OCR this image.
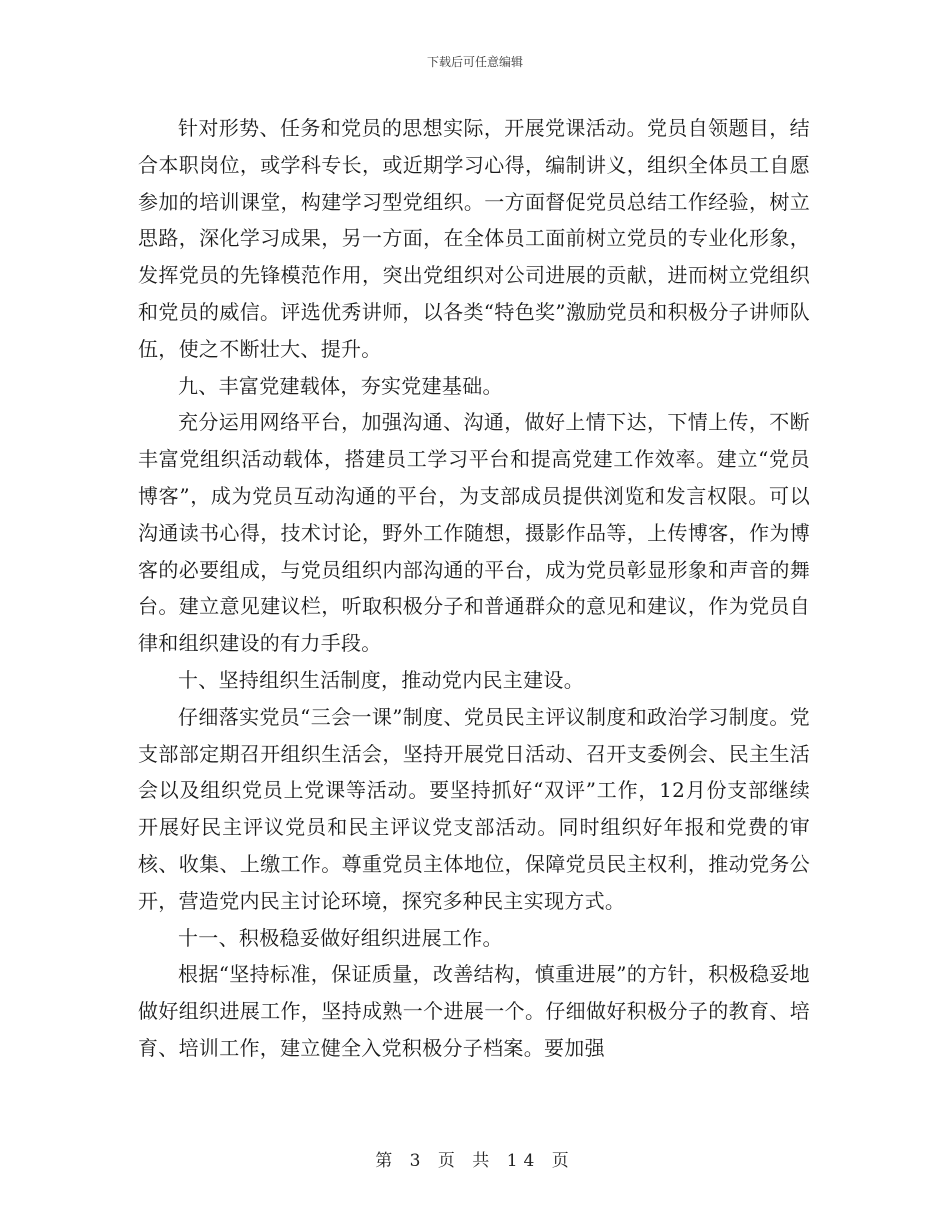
下载后可任意编辑

针对形势、任务和党员的思想实际，开展党课活动。党员自领题目，结合本职岗位，或学科专长，或近期学习心得，编制讲义，组织全体员工自愿参加的培训课堂，构建学习型党组织。一方面督促党员总结工作经验，树立思路，深化学习成果，另一方面，在全体员工面前树立党员的专业化形象，发挥党员的先锋模范作用，突出党组织对公司进展的贡献，进而树立党组织和党员的威信。评选优秀讲师，以各类“特色奖”激励党员和积极分子讲师队伍，使之不断壮大、提升。

九、丰富党建载体，夯实党建基础。

充分运用网络平台，加强沟通、沟通，做好上情下达，下情上传，不断丰富党组织活动载体，搭建员工学习平台和提高党建工作效率。建立“党员博客”，成为党员互动沟通的平台，为支部成员提供浏览和发言权限。可以沟通读书心得，技术讨论，野外工作随想，摄影作品等，上传博客，作为博客的必要组成，与党员组织内部沟通的平台，成为党员彰显形象和声音的舞台。建立意见建议栏，听取积极分子和普通群众的意见和建议，作为党员自律和组织建设的有力手段。

十、坚持组织生活制度，推动党内民主建设。

仔细落实党员“三会一课”制度、党员民主评议制度和政治学习制度。党支部部定期召开组织生活会，坚持开展党日活动、召开支委例会、民主生活会以及组织党员上党课等活动。要坚持抓好“双评”工作，12月份支部继续开展好民主评议党员和民主评议党支部活动。同时组织好年报和党费的审核、收集、上缴工作。尊重党员主体地位，保障党员民主权利，推动党务公开，营造党内民主讨论环境，探究多种民主实现方式。

十一、积极稳妥做好组织进展工作。

根据“坚持标准，保证质量，改善结构，慎重进展”的方针，积极稳妥地做好组织进展工作，坚持成熟一个进展一个。仔细做好积极分子的教育、培育、培训工作，建立健全入党积极分子档案。要加强

第 3 页 共 14 页
